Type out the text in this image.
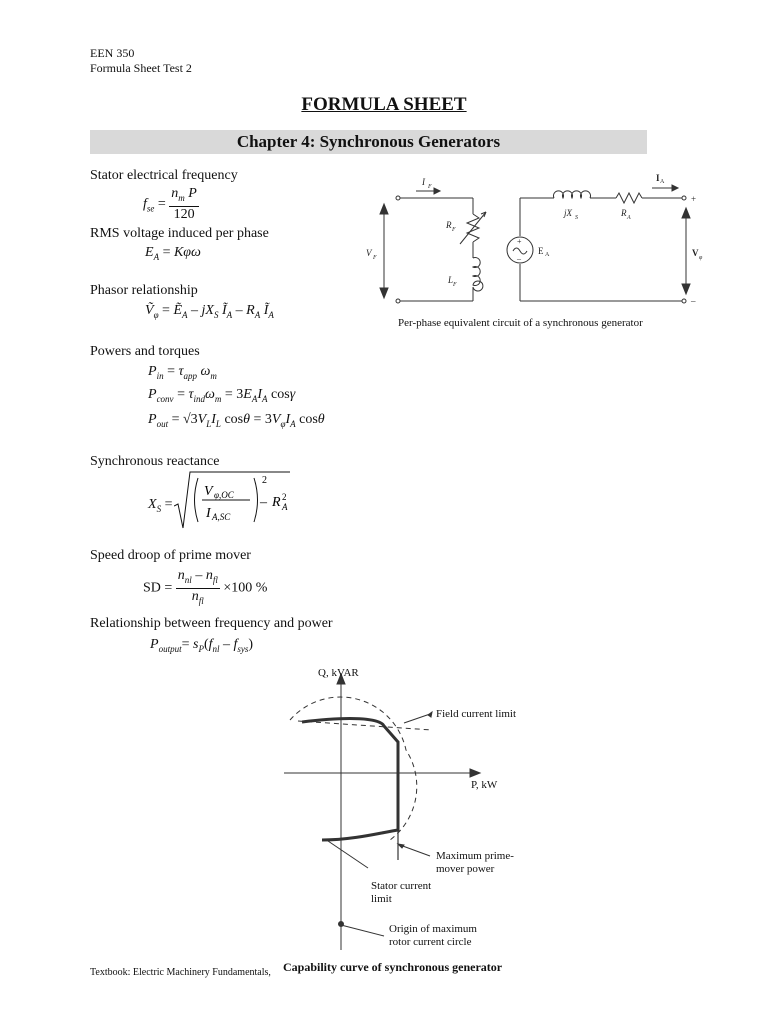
EEN 350
Formula Sheet Test 2
FORMULA SHEET
Chapter 4: Synchronous Generators
Stator electrical frequency
$f_{se} = \frac{n_m P}{120}$
RMS voltage induced per phase
$E_A = K\varphi\omega$
Phasor relationship
Ṽ$_\varphi$ = Ẽ$_A$ – $jX_S$ $Ĩ_A - R_A$ $Ĩ_A$
Powers and torques
$P_{in} = \tau_{app}$ $\omega_m$
$P_{conv} = \tau_{ind}\omega_m = 3E_AI_A$ cosγ
$P_{out} = √3V_LI_L$ $\cos\theta = 3V_\varphi I_A$ cosθ
Synchronous reactance
$X_S$ =
V φ,OC
I A,SC
2
– R 2
A
Speed droop of prime mover
SD = $\frac{n_{nl} - n_{fl}}{n_{fl}} \times 100$ %
Relationship between frequency and power
$P_{output}= s_P(f_{nl} - f_{sys})$
I F
I A
V F
R F
L F
E A
jX S	R A
V φ
+
–
+
–
Per-phase equivalent circuit of a synchronous generator
Q, kVAR
P, kW
Field current limit
Maximum prime-
mover power
Stator current
limit
Origin of maximum
rotor current circle
Textbook: Electric Machinery Fundamentals, Capability curve of synchronous generator
